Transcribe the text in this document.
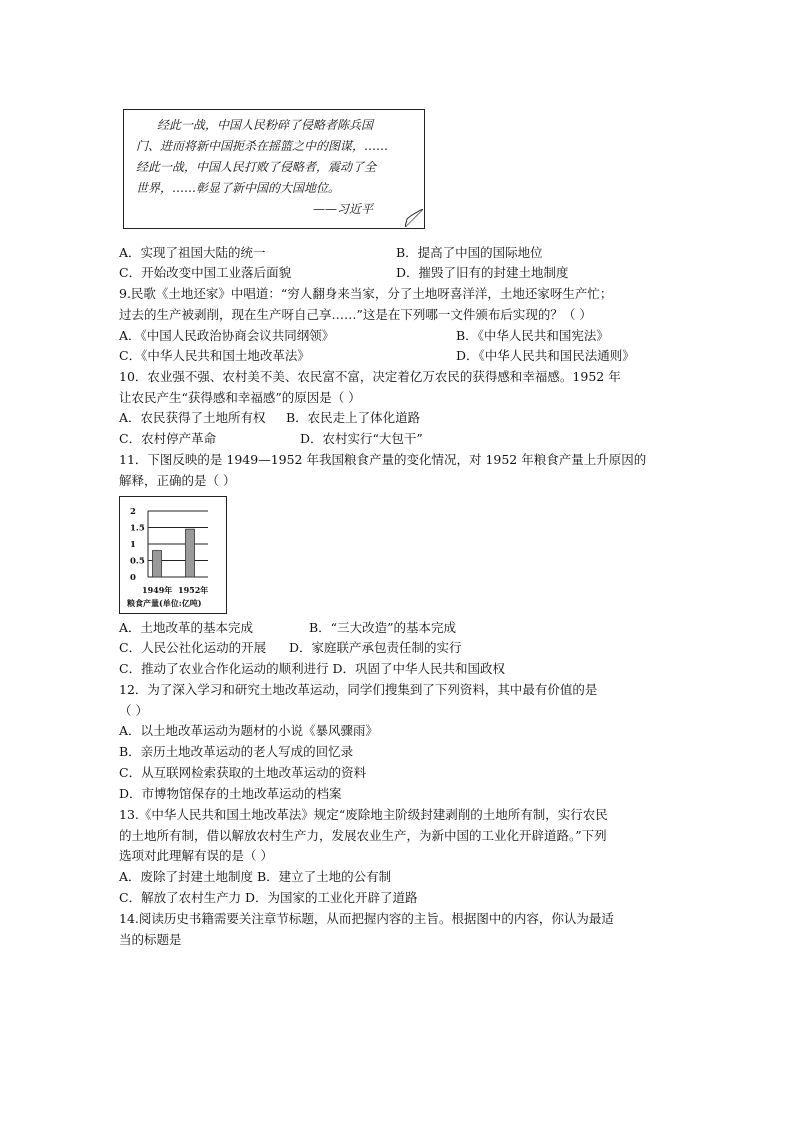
经此一战，中国人民粉碎了侵略者陈兵国
门、进而将新中国扼杀在摇篮之中的图谋，……
经此一战，中国人民打败了侵略者，震动了全
世界，……彰显了新中国的大国地位。
——习近平
A．实现了祖国大陆的统一	B．提高了中国的国际地位
C．开始改变中国工业落后面貌	D．摧毁了旧有的封建土地制度
9.民歌《土地还家》中唱道：“穷人翻身来当家，分了土地呀喜洋洋，土地还家呀生产忙；
过去的生产被剥削，现在生产呀自己享……”这是在下列哪一文件颁布后实现的？（ ）
A．《中国人民政治协商会议共同纲领》	B．《中华人民共和国宪法》
C．《中华人民共和国土地改革法》	D．《中华人民共和国民法通则》
10．农业强不强、农村美不美、农民富不富，决定着亿万农民的获得感和幸福感。1952 年
让农民产生“获得感和幸福感”的原因是（ ）
A．农民获得了土地所有权 B．农民走上了体化道路
C．农村停产革命	D．农村实行“大包干”
11．下图反映的是 1949—1952 年我国粮食产量的变化情况，对 1952 年粮食产量上升原因的
解释，正确的是（ ）
0
0.5
1
1.5
2
1949年 1952年
粮食产量(单位:亿吨)
A．土地改革的基本完成	B．“三大改造”的基本完成
C．人民公社化运动的开展 D．家庭联产承包责任制的实行
C．推动了农业合作化运动的顺利进行 D．巩固了中华人民共和国政权
12．为了深入学习和研究土地改革运动，同学们搜集到了下列资料，其中最有价值的是
（ ）
A．以土地改革运动为题材的小说《暴风骤雨》
B．亲历土地改革运动的老人写成的回忆录
C．从互联网检索获取的土地改革运动的资料
D．市博物馆保存的土地改革运动的档案
13.《中华人民共和国土地改革法》规定“废除地主阶级封建剥削的土地所有制，实行农民
的土地所有制，借以解放农村生产力，发展农业生产，为新中国的工业化开辟道路。”下列
选项对此理解有误的是（ ）
A．废除了封建土地制度 B．建立了土地的公有制
C．解放了农村生产力 D．为国家的工业化开辟了道路
14.阅读历史书籍需要关注章节标题，从而把握内容的主旨。根据图中的内容，你认为最适
当的标题是
